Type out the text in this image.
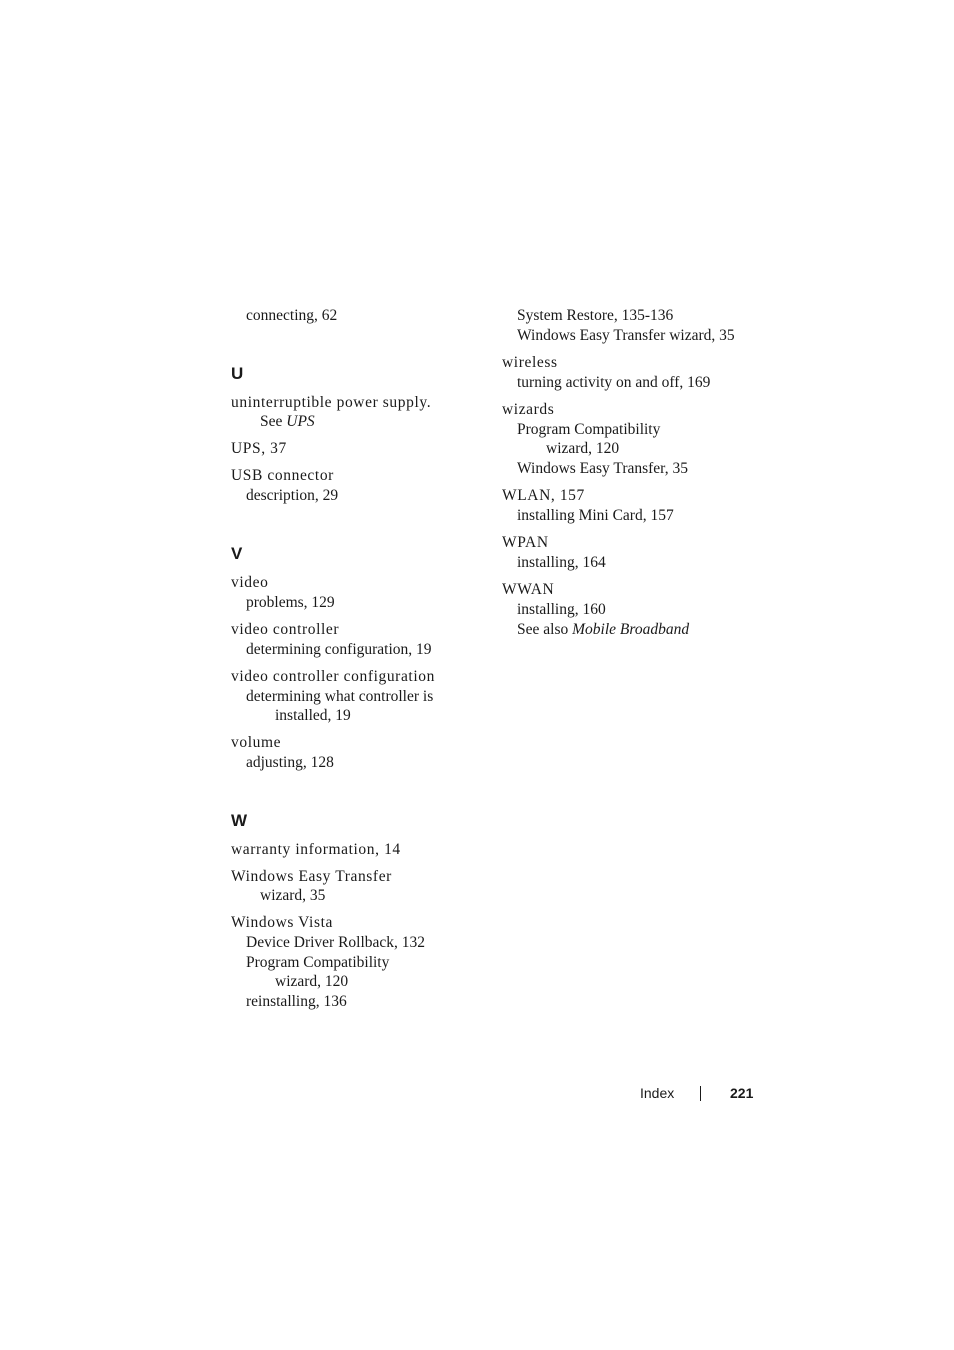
connecting, 62
U
uninterruptible power supply.
See UPS
UPS, 37
USB connector
description, 29
V
video
problems, 129
video controller
determining configuration, 19
video controller configuration
determining what controller is
installed, 19
volume
adjusting, 128
W
warranty information, 14
Windows Easy Transfer
wizard, 35
Windows Vista
Device Driver Rollback, 132
Program Compatibility
wizard, 120
reinstalling, 136
System Restore, 135-136
Windows Easy Transfer wizard, 35
wireless
turning activity on and off, 169
wizards
Program Compatibility
wizard, 120
Windows Easy Transfer, 35
WLAN, 157
installing Mini Card, 157
WPAN
installing, 164
WWAN
installing, 160
See also Mobile Broadband
Index	221
